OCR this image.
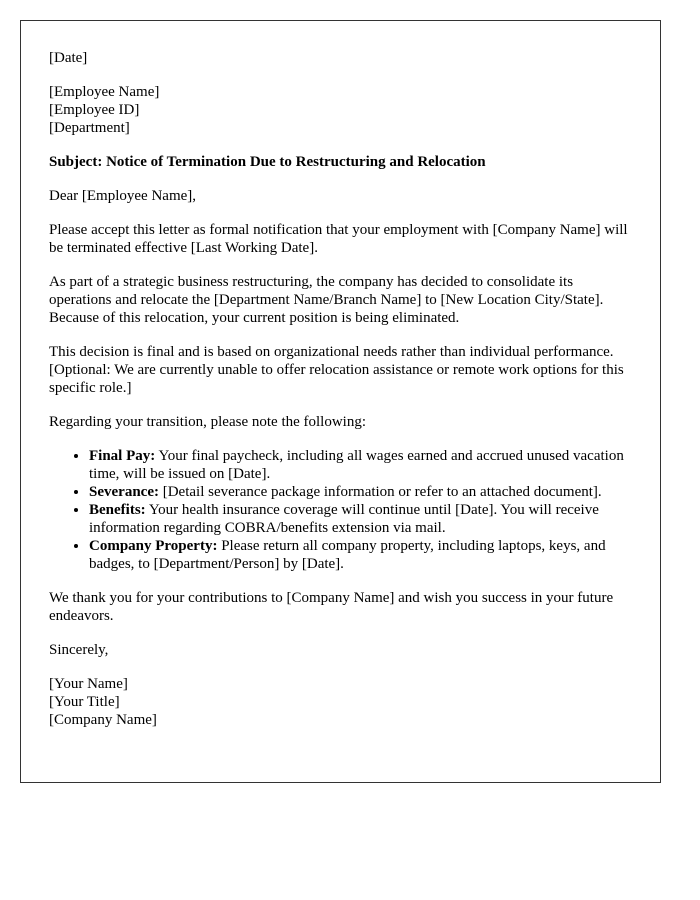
[Date]

[Employee Name]
[Employee ID]
[Department]

Subject: Notice of Termination Due to Restructuring and Relocation

Dear [Employee Name],

Please accept this letter as formal notification that your employment with [Company Name] will be terminated effective [Last Working Date].

As part of a strategic business restructuring, the company has decided to consolidate its operations and relocate the [Department Name/Branch Name] to [New Location City/State]. Because of this relocation, your current position is being eliminated.

This decision is final and is based on organizational needs rather than individual performance. [Optional: We are currently unable to offer relocation assistance or remote work options for this specific role.]

Regarding your transition, please note the following:

• Final Pay: Your final paycheck, including all wages earned and accrued unused vacation time, will be issued on [Date].
• Severance: [Detail severance package information or refer to an attached document].
• Benefits: Your health insurance coverage will continue until [Date]. You will receive information regarding COBRA/benefits extension via mail.
• Company Property: Please return all company property, including laptops, keys, and badges, to [Department/Person] by [Date].

We thank you for your contributions to [Company Name] and wish you success in your future endeavors.

Sincerely,

[Your Name]
[Your Title]
[Company Name]
